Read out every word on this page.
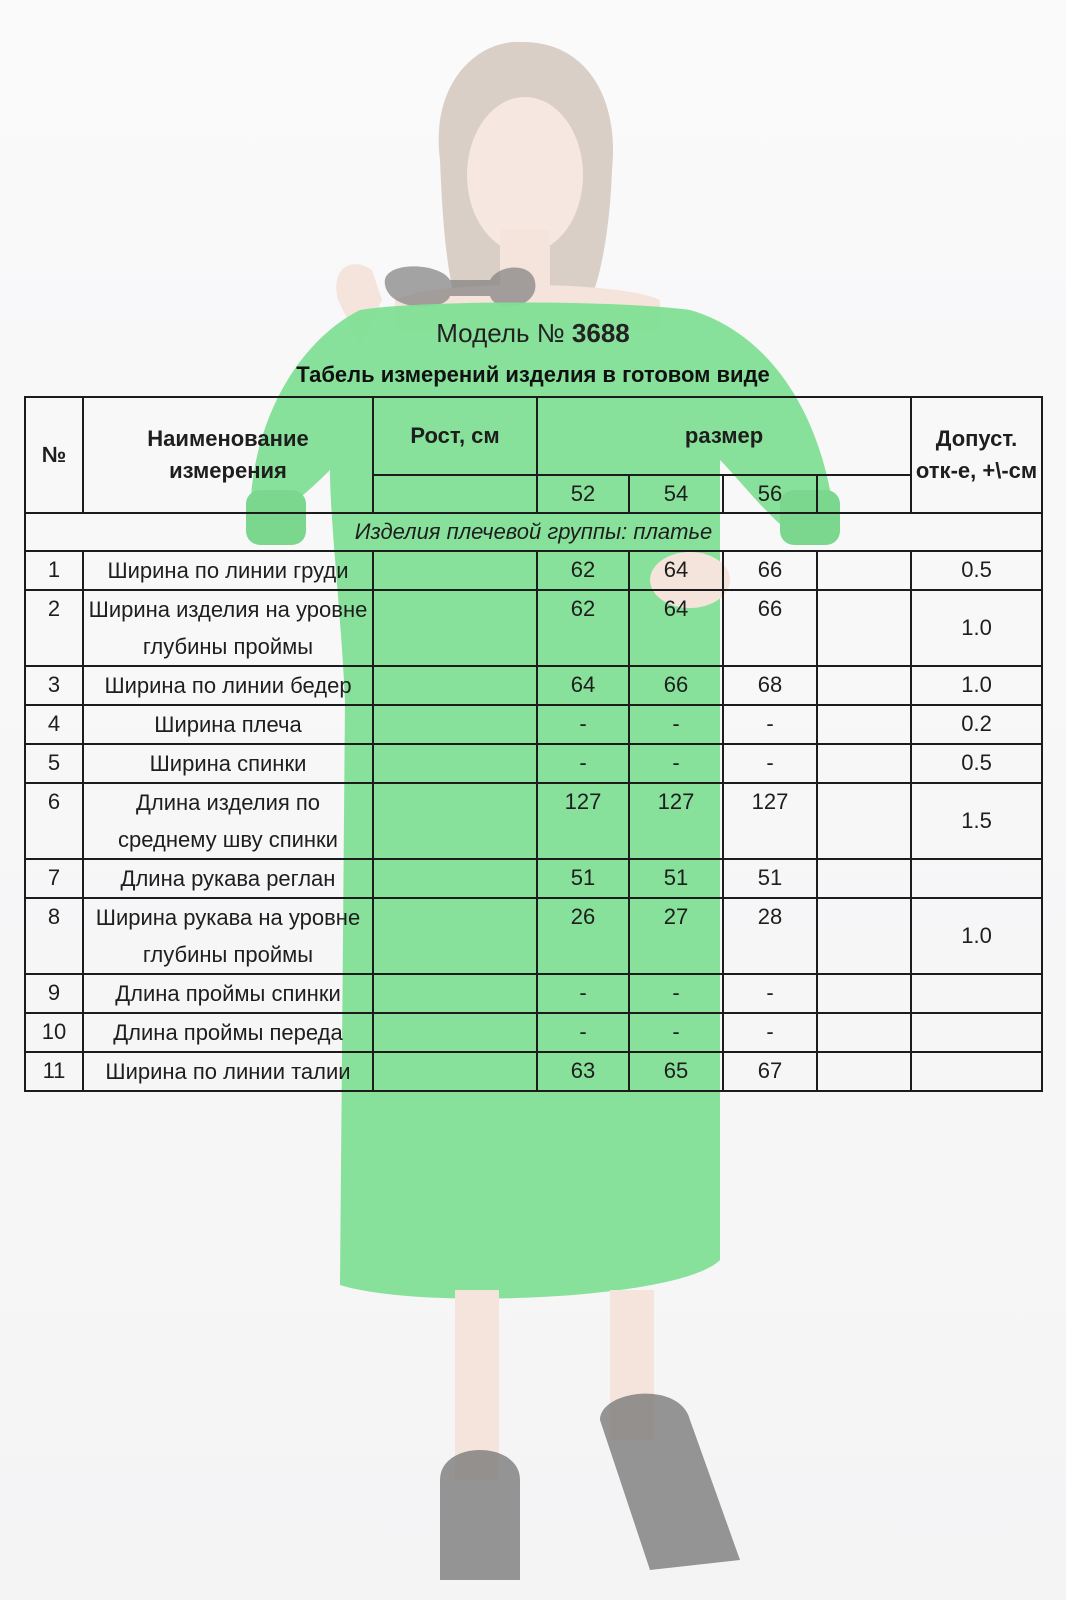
Модель № 3688
Табель измерений изделия в готовом виде
№	Наименование измерения	Рост, см	размер				Допуст. отк-е, +\-см
			52	54	56		
Изделия плечевой группы: платье							
1	Ширина по линии груди		62	64	66		0.5
2	Ширина изделия на уровне глубины проймы		62	64	66		1.0
3	Ширина по линии бедер		64	66	68		1.0
4	Ширина плеча		-	-	-		0.2
5	Ширина спинки		-	-	-		0.5
6	Длина изделия по среднему шву спинки		127	127	127		1.5
7	Длина рукава реглан		51	51	51		
8	Ширина рукава на уровне глубины проймы		26	27	28		1.0
9	Длина проймы спинки		-	-	-		
10	Длина проймы переда		-	-	-		
11	Ширина по линии талии		63	65	67		
